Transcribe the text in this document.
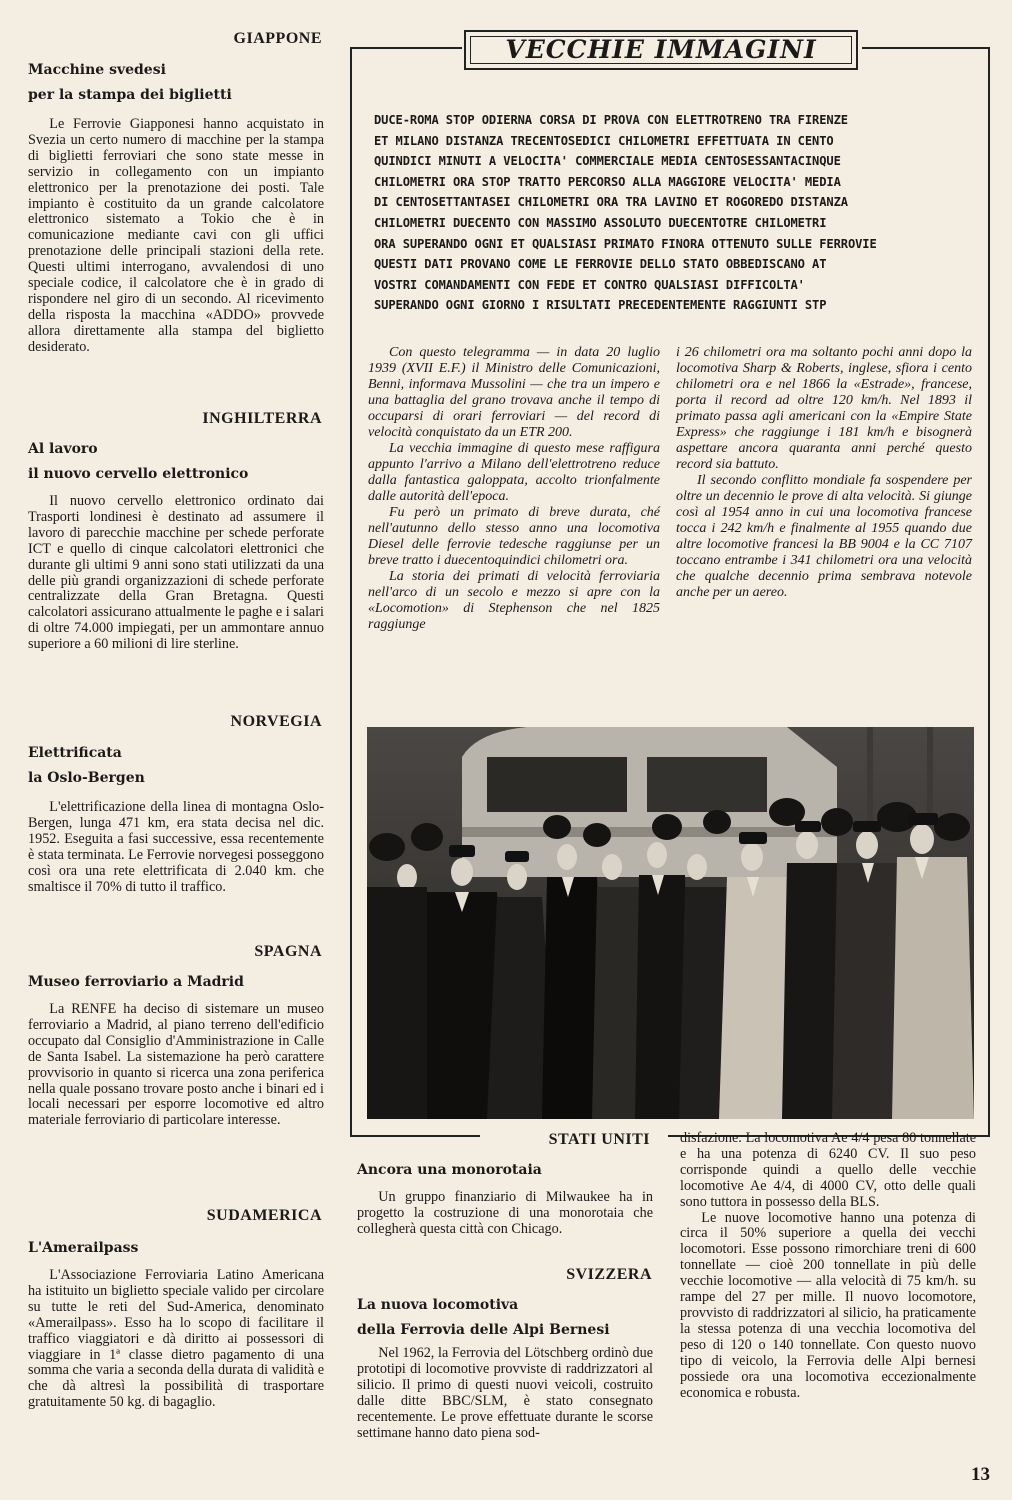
GIAPPONE
Macchine svedesi
per la stampa dei biglietti

Le Ferrovie Giapponesi hanno acquistato in Svezia un certo numero di macchine per la stampa di biglietti ferroviari che sono state messe in servizio in collegamento con un impianto elettronico per la prenotazione dei posti. Tale impianto è costituito da un grande calcolatore elettronico sistemato a Tokio che è in comunicazione mediante cavi con gli uffici prenotazione delle principali stazioni della rete. Questi ultimi interrogano, avvalendosi di uno speciale codice, il calcolatore che è in grado di rispondere nel giro di un secondo. Al ricevimento della risposta la macchina «ADDO» provvede allora direttamente alla stampa del biglietto desiderato.

INGHILTERRA
Al lavoro
il nuovo cervello elettronico

Il nuovo cervello elettronico ordinato dai Trasporti londinesi è destinato ad assumere il lavoro di parecchie macchine per schede perforate ICT e quello di cinque calcolatori elettronici che durante gli ultimi 9 anni sono stati utilizzati da una delle più grandi organizzazioni di schede perforate centralizzate della Gran Bretagna. Questi calcolatori assicurano attualmente le paghe e i salari di oltre 74.000 impiegati, per un ammontare annuo superiore a 60 milioni di lire sterline.

NORVEGIA
Elettrificata
la Oslo-Bergen

L'elettrificazione della linea di montagna Oslo-Bergen, lunga 471 km, era stata decisa nel dic. 1952. Eseguita a fasi successive, essa recentemente è stata terminata. Le Ferrovie norvegesi posseggono così ora una rete elettrificata di 2.040 km. che smaltisce il 70% di tutto il traffico.

SPAGNA
Museo ferroviario a Madrid

La RENFE ha deciso di sistemare un museo ferroviario a Madrid, al piano terreno dell'edificio occupato dal Consiglio d'Amministrazione in Calle de Santa Isabel. La sistemazione ha però carattere provvisorio in quanto si ricerca una zona periferica nella quale possano trovare posto anche i binari ed i locali necessari per esporre locomotive ed altro materiale ferroviario di particolare interesse.

SUDAMERICA
L'Amerailpass

L'Associazione Ferroviaria Latino Americana ha istituito un biglietto speciale valido per circolare su tutte le reti del Sud-America, denominato «Amerailpass». Esso ha lo scopo di facilitare il traffico viaggiatori e dà diritto ai possessori di viaggiare in 1ª classe dietro pagamento di una somma che varia a seconda della durata di validità e che dà altresì la possibilità di trasportare gratuitamente 50 kg. di bagaglio.

VECCHIE IMMAGINI
DUCE-ROMA STOP ODIERNA CORSA DI PROVA CON ELETTROTRENO TRA FIRENZE
ET MILANO DISTANZA TRECENTOSEDICI CHILOMETRI EFFETTUATA IN CENTO
QUINDICI MINUTI A VELOCITA' COMMERCIALE MEDIA CENTOSESSANTACINQUE
CHILOMETRI ORA STOP TRATTO PERCORSO ALLA MAGGIORE VELOCITA' MEDIA
DI CENTOSETTANTASEI CHILOMETRI ORA TRA LAVINO ET ROGOREDO DISTANZA
CHILOMETRI DUECENTO CON MASSIMO ASSOLUTO DUECENTOTRE CHILOMETRI
ORA SUPERANDO OGNI ET QUALSIASI PRIMATO FINORA OTTENUTO SULLE FERROVIE
QUESTI DATI PROVANO COME LE FERROVIE DELLO STATO OBBEDISCANO AT
VOSTRI COMANDAMENTI CON FEDE ET CONTRO QUALSIASI DIFFICOLTA'
SUPERANDO OGNI GIORNO I RISULTATI PRECEDENTEMENTE RAGGIUNTI STP

Con questo telegramma — in data 20 luglio 1939 (XVII E.F.) il Ministro delle Comunicazioni, Benni, informava Mussolini — che tra un impero e una battaglia del grano trovava anche il tempo di occuparsi di orari ferroviari — del record di velocità conquistato da un ETR 200.

La vecchia immagine di questo mese raffigura appunto l'arrivo a Milano dell'elettrotreno reduce dalla fantastica galoppata, accolto trionfalmente dalle autorità dell'epoca.

Fu però un primato di breve durata, ché nell'autunno dello stesso anno una locomotiva Diesel delle ferrovie tedesche raggiunse per un breve tratto i duecentoquindici chilometri ora.

La storia dei primati di velocità ferroviaria nell'arco di un secolo e mezzo si apre con la «Locomotion» di Stephenson che nel 1825 raggiunge

i 26 chilometri ora ma soltanto pochi anni dopo la locomotiva Sharp & Roberts, inglese, sfiora i cento chilometri ora e nel 1866 la «Estrade», francese, porta il record ad oltre 120 km/h. Nel 1893 il primato passa agli americani con la «Empire State Express» che raggiunge i 181 km/h e bisognerà aspettare ancora quaranta anni perché questo record sia battuto.

Il secondo conflitto mondiale fa sospendere per oltre un decennio le prove di alta velocità. Si giunge così al 1954 anno in cui una locomotiva francese tocca i 242 km/h e finalmente al 1955 quando due altre locomotive francesi la BB 9004 e la CC 7107 toccano entrambe i 341 chilometri ora una velocità che qualche decennio prima sembrava notevole anche per un aereo.

STATI UNITI
Ancora una monorotaia

Un gruppo finanziario di Milwaukee ha in progetto la costruzione di una monorotaia che collegherà questa città con Chicago.

SVIZZERA
La nuova locomotiva
della Ferrovia delle Alpi Bernesi

Nel 1962, la Ferrovia del Lötschberg ordinò due prototipi di locomotive provviste di raddrizzatori al silicio. Il primo di questi nuovi veicoli, costruito dalle ditte BBC/SLM, è stato consegnato recentemente. Le prove effettuate durante le scorse settimane hanno dato piena sod-

disfazione. La locomotiva Ae 4/4 pesa 80 tonnellate e ha una potenza di 6240 CV. Il suo peso corrisponde quindi a quello delle vecchie locomotive Ae 4/4, di 4000 CV, otto delle quali sono tuttora in possesso della BLS.

Le nuove locomotive hanno una potenza di circa il 50% superiore a quella dei vecchi locomotori. Esse possono rimorchiare treni di 600 tonnellate — cioè 200 tonnellate in più delle vecchie locomotive — alla velocità di 75 km/h. su rampe del 27 per mille. Il nuovo locomotore, provvisto di raddrizzatori al silicio, ha praticamente la stessa potenza di una vecchia locomotiva del peso di 120 o 140 tonnellate. Con questo nuovo tipo di veicolo, la Ferrovia delle Alpi bernesi possiede ora una locomotiva eccezionalmente economica e robusta.

13
